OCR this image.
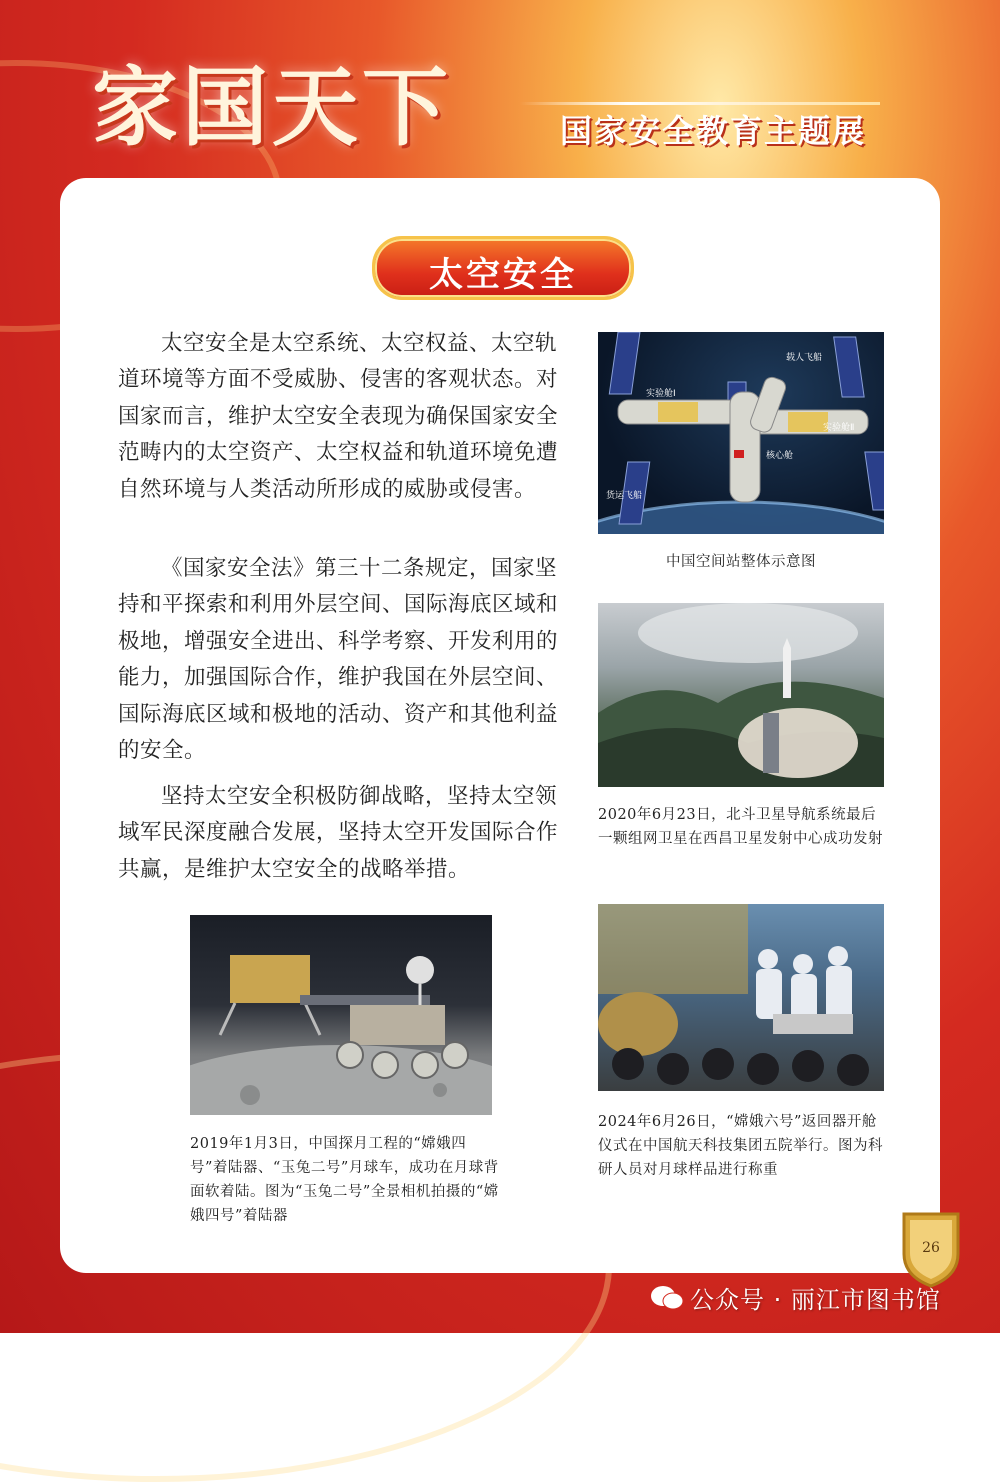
家国天下	国家安全教育主题展
太空安全

太空安全是太空系统、太空权益、太空轨道环境等方面不受威胁、侵害的客观状态。对国家而言，维护太空安全表现为确保国家安全范畴内的太空资产、太空权益和轨道环境免遭自然环境与人类活动所形成的威胁或侵害。

《国家安全法》第三十二条规定，国家坚持和平探索和利用外层空间、国际海底区域和极地，增强安全进出、科学考察、开发利用的能力，加强国际合作，维护我国在外层空间、国际海底区域和极地的活动、资产和其他利益的安全。

坚持太空安全积极防御战略，坚持太空领域军民深度融合发展，坚持太空开发国际合作共赢，是维护太空安全的战略举措。

实验舱Ⅰ
载人飞船
实验舱Ⅱ
核心舱
货运飞船

中国空间站整体示意图

2020年6月23日，北斗卫星导航系统最后一颗组网卫星在西昌卫星发射中心成功发射

2024年6月26日，“嫦娥六号”返回器开舱仪式在中国航天科技集团五院举行。图为科研人员对月球样品进行称重

2019年1月3日，中国探月工程的“嫦娥四号”着陆器、“玉兔二号”月球车，成功在月球背面软着陆。图为“玉兔二号”全景相机拍摄的“嫦娥四号”着陆器

26
公众号 · 丽江市图书馆
